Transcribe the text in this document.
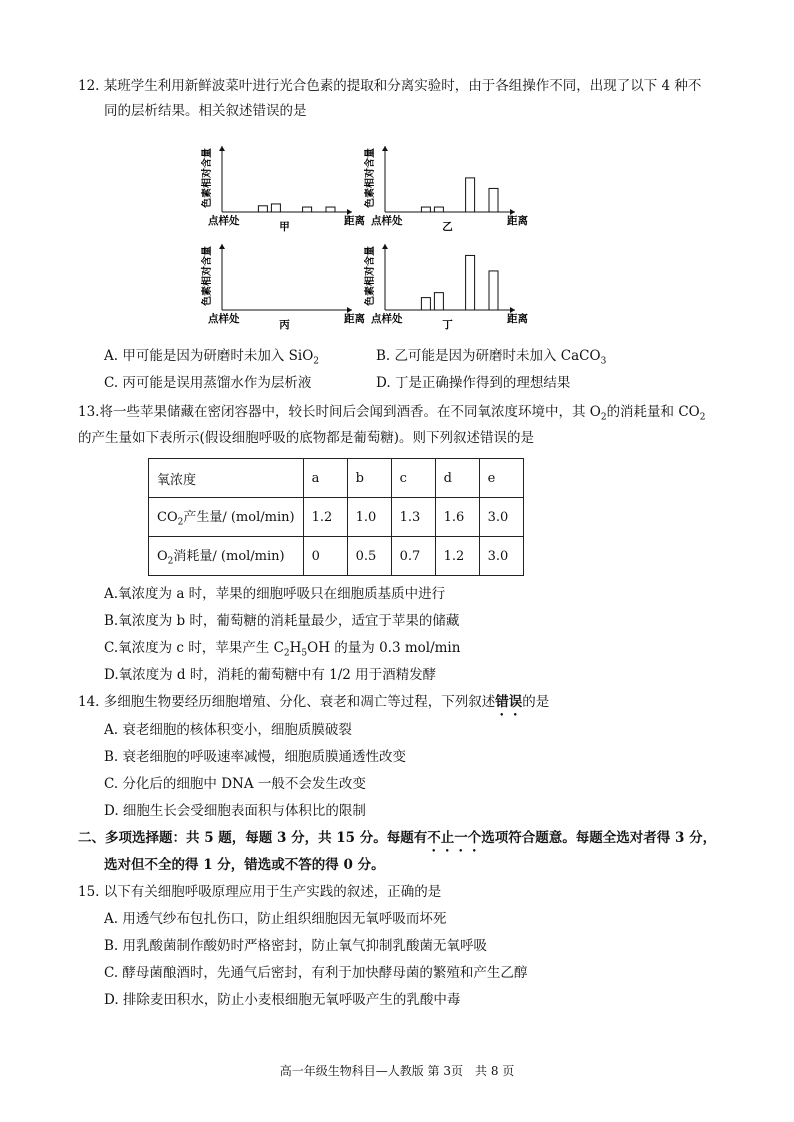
12. 某班学生利用新鲜波菜叶进行光合色素的提取和分离实验时，由于各组操作不同，出现了以下 4 种不
同的层析结果。相关叙述错误的是
色素相对含量
点样处	距离
甲
色素相对含量
点样处	距离
乙
色素相对含量
点样处	距离
丙
色素相对含量
点样处	距离
丁
A. 甲可能是因为研磨时未加入 SiO$_2$	B. 乙可能是因为研磨时未加入 CaCO$_3$
C. 丙可能是误用蒸馏水作为层析液	D. 丁是正确操作得到的理想结果
13.将一些苹果储藏在密闭容器中，较长时间后会闻到酒香。在不同氧浓度环境中，其 $O_2$的消耗量和 $CO_2$
的产生量如下表所示(假设细胞呼吸的底物都是葡萄糖)。则下列叙述错误的是
氧浓度	a	b	c	d	e
$CO_2$产生量/ (mol/min)	1.2	1.0	1.3	1.6	3.0
$O_2$消耗量/ (mol/min)	0	0.5	0.7	1.2	3.0
A.氧浓度为 a 时，苹果的细胞呼吸只在细胞质基质中进行
B.氧浓度为 b 时，葡萄糖的消耗量最少，适宜于苹果的储藏
C.氧浓度为 c 时，苹果产生 $C_2H_5OH$ 的量为 0.3 mol/min
D.氧浓度为 d 时，消耗的葡萄糖中有 1/2 用于酒精发酵
14. 多细胞生物要经历细胞增殖、分化、衰老和凋亡等过程，下列叙述错误的是
A. 衰老细胞的核体积变小，细胞质膜破裂
B. 衰老细胞的呼吸速率减慢，细胞质膜通透性改变
C. 分化后的细胞中 DNA 一般不会发生改变
D. 细胞生长会受细胞表面积与体积比的限制
二、多项选择题：共 5 题，每题 3 分，共 15 分。每题有不止一个选项符合题意。每题全选对者得 3 分，
选对但不全的得 1 分，错选或不答的得 0 分。
15. 以下有关细胞呼吸原理应用于生产实践的叙述，正确的是
A. 用透气纱布包扎伤口，防止组织细胞因无氧呼吸而坏死
B. 用乳酸菌制作酸奶时严格密封，防止氧气抑制乳酸菌无氧呼吸
C. 酵母菌酿酒时，先通气后密封，有利于加快酵母菌的繁殖和产生乙醇
D. 排除麦田积水，防止小麦根细胞无氧呼吸产生的乳酸中毒
高一年级生物科目—人教版 第 3页　共 8 页
